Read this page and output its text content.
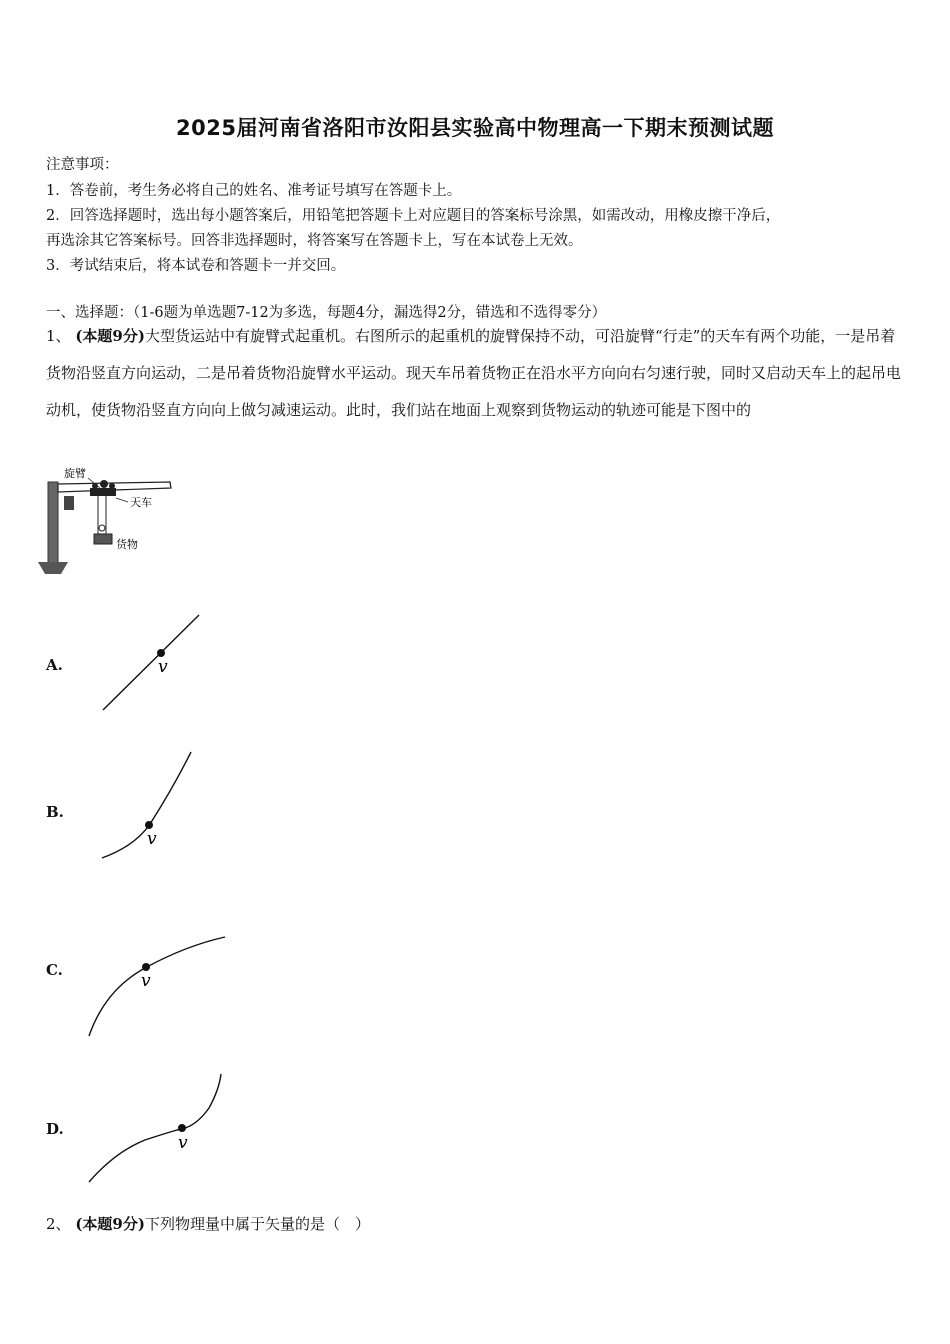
2025届河南省洛阳市汝阳县实验高中物理高一下期末预测试题
注意事项：
1．答卷前，考生务必将自己的姓名、准考证号填写在答题卡上。
2．回答选择题时，选出每小题答案后，用铅笔把答题卡上对应题目的答案标号涂黑，如需改动，用橡皮擦干净后，
再选涂其它答案标号。回答非选择题时，将答案写在答题卡上，写在本试卷上无效。
3．考试结束后，将本试卷和答题卡一并交回。
一、选择题：（1-6题为单选题7-12为多选，每题4分，漏选得2分，错选和不选得零分）
1、 (本题9分)大型货运站中有旋臂式起重机。右图所示的起重机的旋臂保持不动，可沿旋臂“行走”的天车有两个功能，一是吊着货物沿竖直方向运动，二是吊着货物沿旋臂水平运动。现天车吊着货物正在沿水平方向向右匀速行驶，同时又启动天车上的起吊电动机，使货物沿竖直方向向上做匀减速运动。此时，我们站在地面上观察到货物运动的轨迹可能是下图中的
旋臂
天车
货物
A.	v
B.
v
C.
v
D.
v
2、 (本题9分)下列物理量中属于矢量的是（　）
